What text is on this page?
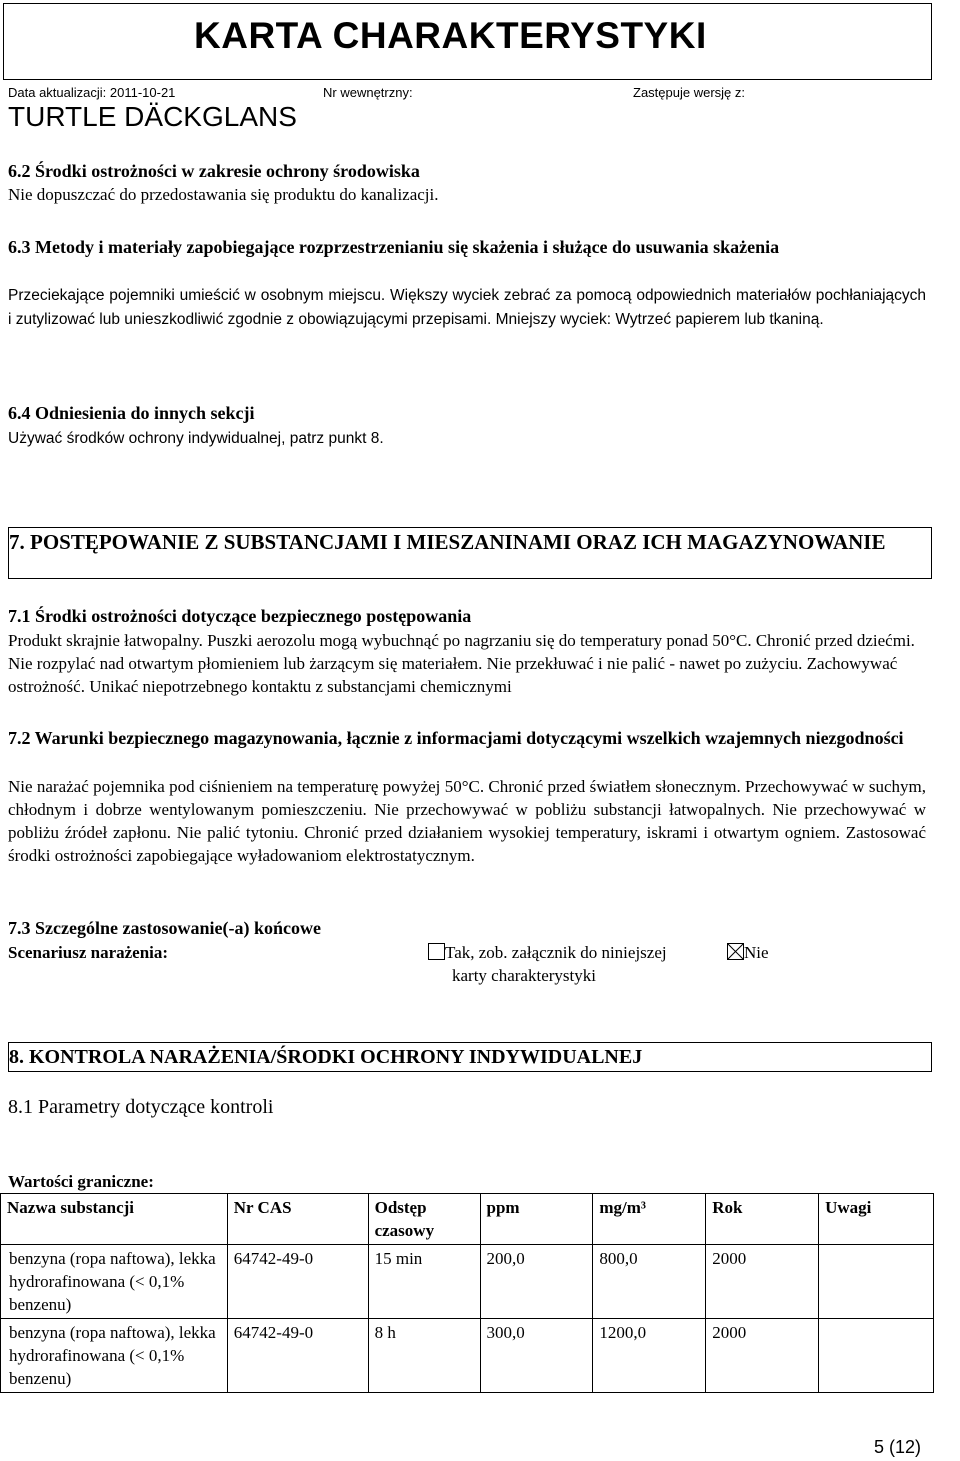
KARTA CHARAKTERYSTYKI
Data aktualizacji: 2011-10-21	Nr wewnętrzny:	Zastępuje wersję z:
TURTLE DÄCKGLANS
6.2 Środki ostrożności w zakresie ochrony środowiska
Nie dopuszczać do przedostawania się produktu do kanalizacji.
6.3 Metody i materiały zapobiegające rozprzestrzenianiu się skażenia i służące do usuwania skażenia
Przeciekające pojemniki umieścić w osobnym miejscu. Większy wyciek zebrać za pomocą odpowiednich materiałów pochłaniających i zutylizować lub unieszkodliwić zgodnie z obowiązującymi przepisami. Mniejszy wyciek: Wytrzeć papierem lub tkaniną.
6.4 Odniesienia do innych sekcji
Używać środków ochrony indywidualnej, patrz punkt 8.
7. POSTĘPOWANIE Z SUBSTANCJAMI I MIESZANINAMI ORAZ ICH MAGAZYNOWANIE
7.1 Środki ostrożności dotyczące bezpiecznego postępowania
Produkt skrajnie łatwopalny. Puszki aerozolu mogą wybuchnąć po nagrzaniu się do temperatury ponad 50°C. Chronić przed dziećmi. Nie rozpylać nad otwartym płomieniem lub żarzącym się materiałem. Nie przekłuwać i nie palić - nawet po zużyciu. Zachowywać ostrożność. Unikać niepotrzebnego kontaktu z substancjami chemicznymi
7.2 Warunki bezpiecznego magazynowania, łącznie z informacjami dotyczącymi wszelkich wzajemnych niezgodności
Nie narażać pojemnika pod ciśnieniem na temperaturę powyżej 50°C. Chronić przed światłem słonecznym. Przechowywać w suchym, chłodnym i dobrze wentylowanym pomieszczeniu. Nie przechowywać w pobliżu substancji łatwopalnych. Nie przechowywać w pobliżu źródeł zapłonu. Nie palić tytoniu. Chronić przed działaniem wysokiej temperatury, iskrami i otwartym ogniem. Zastosować środki ostrożności zapobiegające wyładowaniom elektrostatycznym.
7.3 Szczególne zastosowanie(-a) końcowe
Scenariusz narażenia:	Tak, zob. załącznik do niniejszej
karty charakterystyki
Nie
8. KONTROLA NARAŻENIA/ŚRODKI OCHRONY INDYWIDUALNEJ
8.1 Parametry dotyczące kontroli
Wartości graniczne:
Nazwa substancji	Nr CAS	Odstęp czasowy	ppm	mg/m³	Rok	Uwagi
benzyna (ropa naftowa), lekka hydrorafinowana (< 0,1% benzenu)	64742-49-0	15 min	200,0	800,0	2000	
benzyna (ropa naftowa), lekka hydrorafinowana (< 0,1% benzenu)	64742-49-0	8 h	300,0	1200,0	2000	
5 (12)
